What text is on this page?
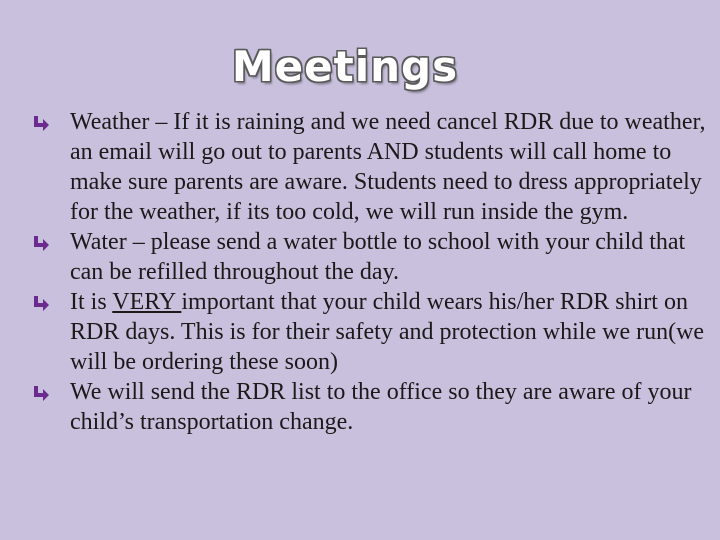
Meetings
Weather – If it is raining and we need cancel RDR due to weather, an email will go out to parents AND students will call home to make sure parents are aware. Students need to dress appropriately for the weather, if its too cold, we will run inside the gym.
Water – please send a water bottle to school with your child that can be refilled throughout the day.
It is VERY important that your child wears his/her RDR shirt on RDR days. This is for their safety and protection while we run(we will be ordering these soon)
We will send the RDR list to the office so they are aware of your child’s transportation change.
